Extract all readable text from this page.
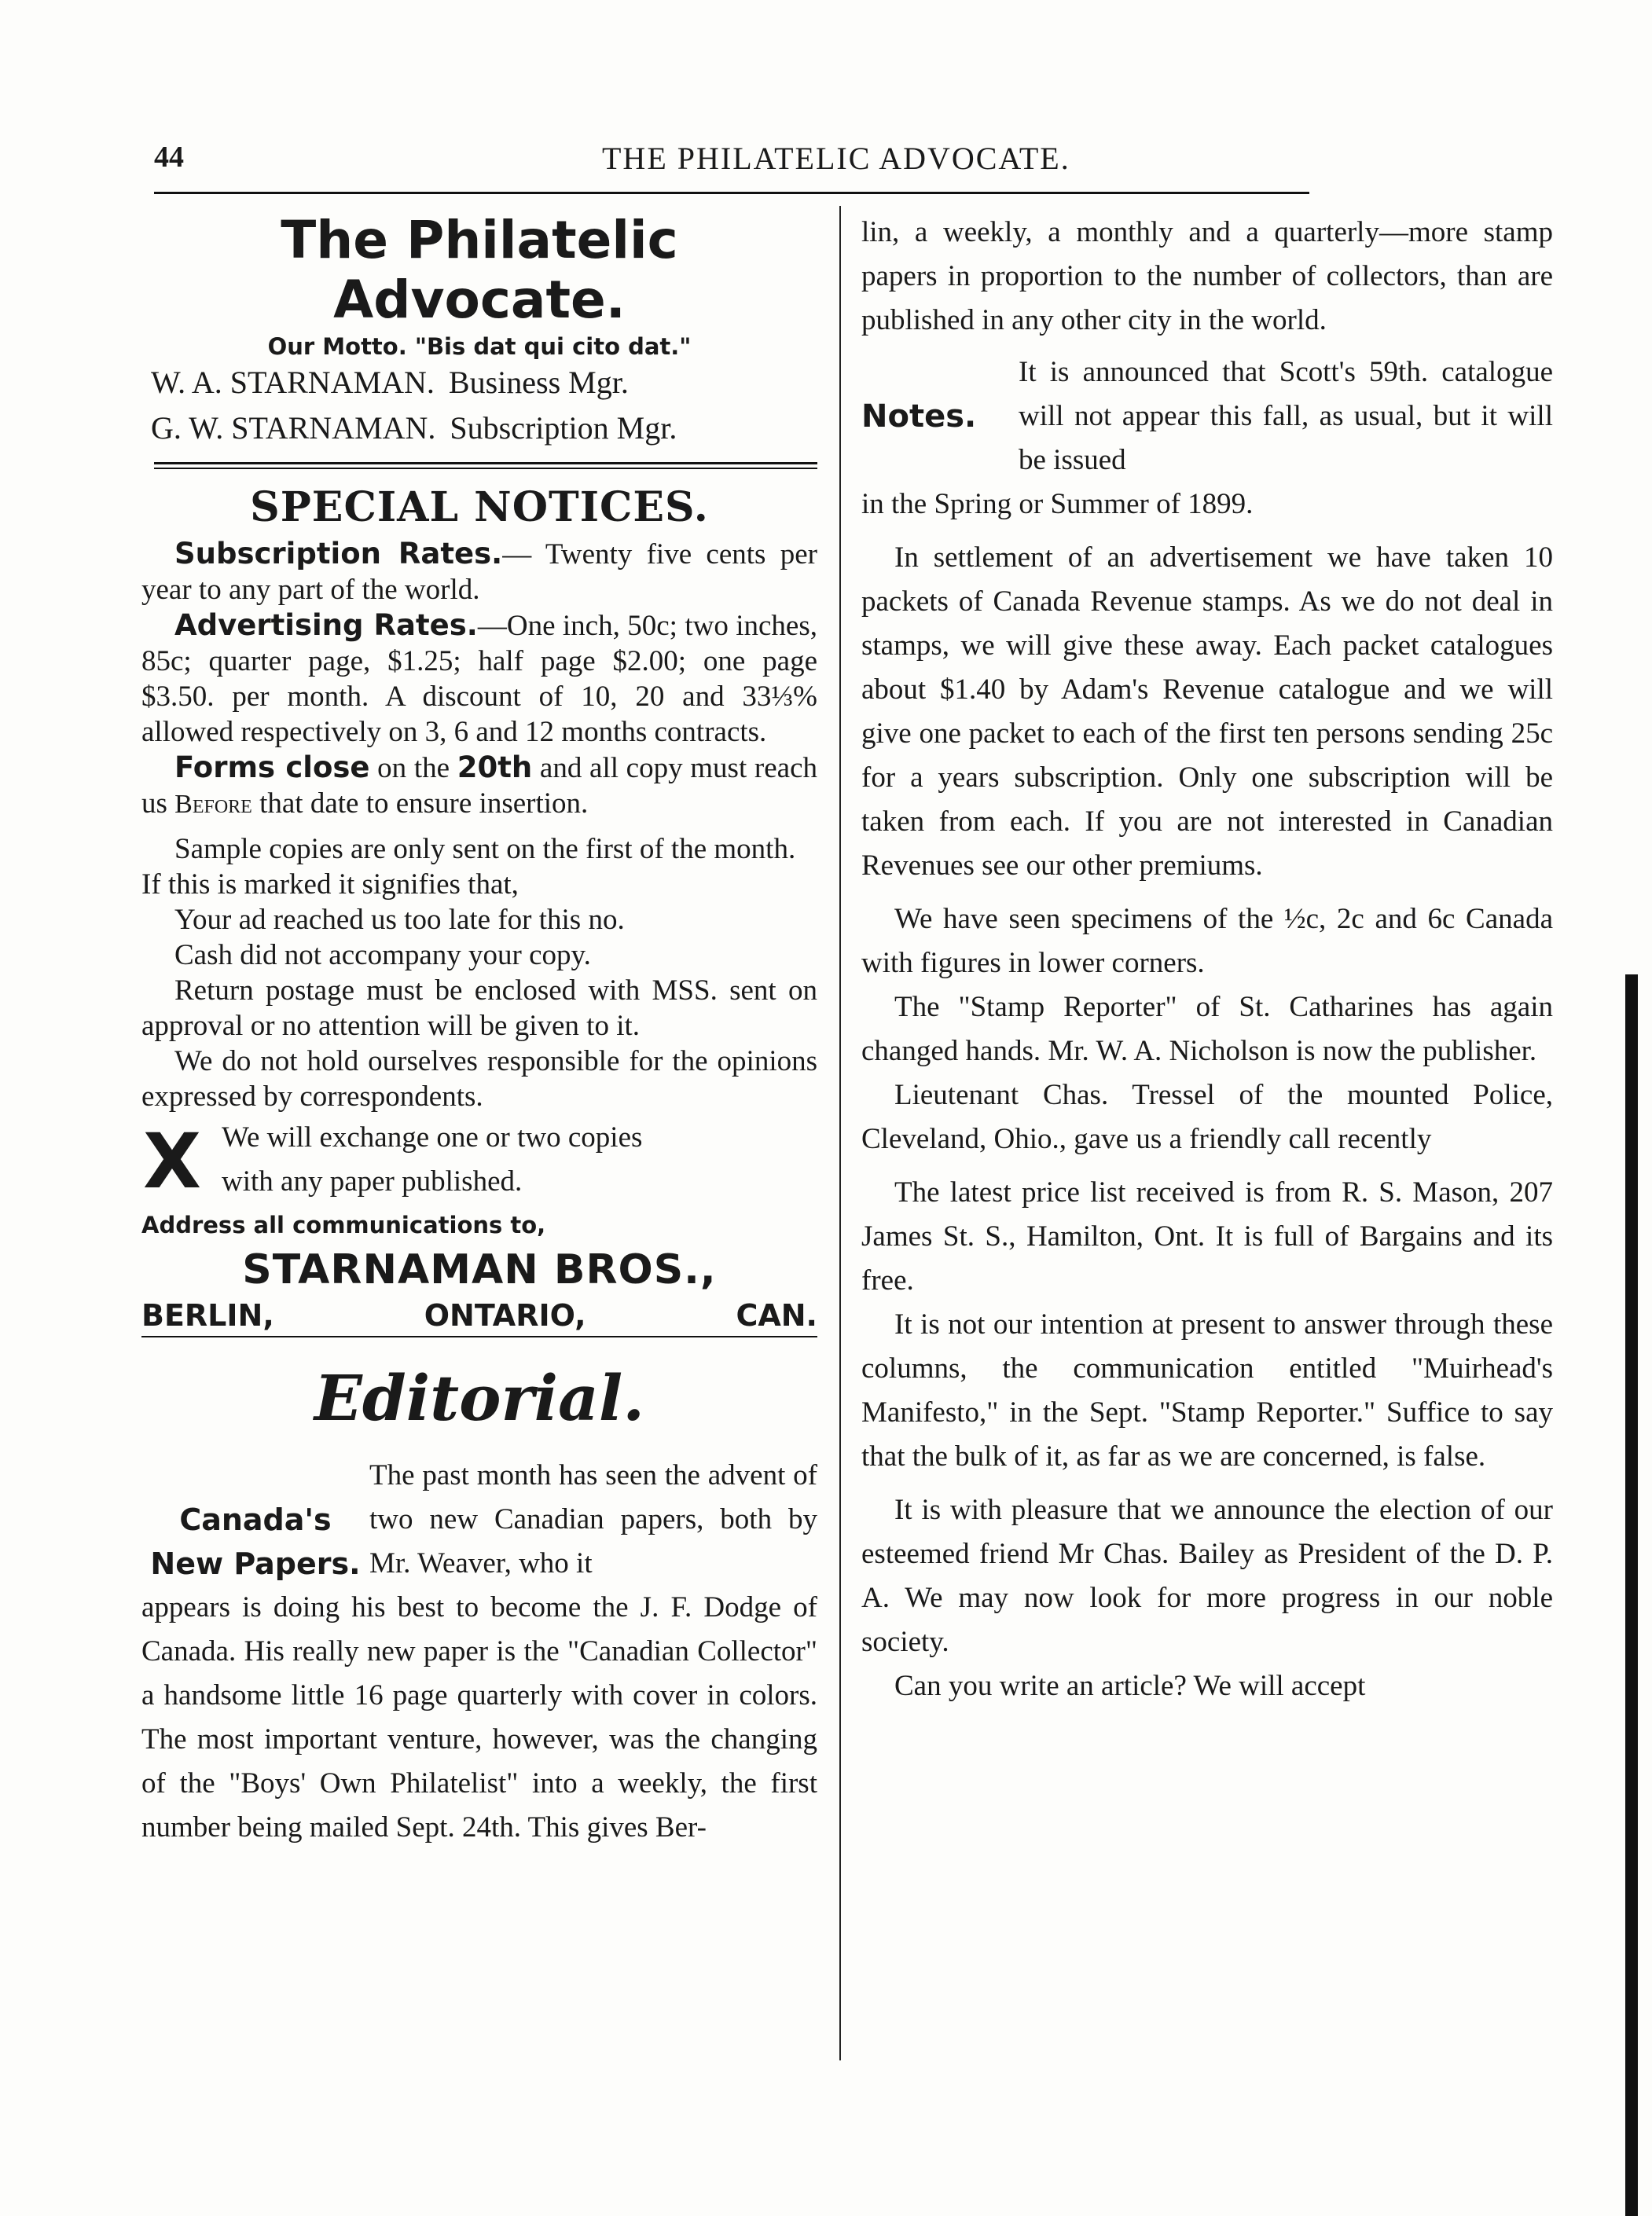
44	THE PHILATELIC ADVOCATE.
The Philatelic Advocate.
Our Motto. "Bis dat qui cito dat."
W. A. STARNAMAN. Business Mgr.
G. W. STARNAMAN. Subscription Mgr.
SPECIAL NOTICES.

Subscription Rates.— Twenty five cents per year to any part of the world.

Advertising Rates.—One inch, 50c; two inches, 85c; quarter page, $1.25; half page $2.00; one page $3.50. per month. A discount of 10, 20 and 33⅓% allowed respectively on 3, 6 and 12 months contracts.

Forms close on the 20th and all copy must reach us Before that date to ensure insertion.

Sample copies are only sent on the first of the month.

If this is marked it signifies that,

Your ad reached us too late for this no.

Cash did not accompany your copy.

Return postage must be enclosed with MSS. sent on approval or no attention will be given to it.

We do not hold ourselves responsible for the opinions expressed by correspondents.

X We will exchange one or two copies
with any paper published.
Address all communications to,
STARNAMAN BROS.,
BERLIN,	ONTARIO,	CAN.
Editorial.
Canada's
New Papers.
The past month has seen the advent of two new Canadian papers, both by Mr. Weaver, who it

appears is doing his best to become the J. F. Dodge of Canada. His really new paper is the "Canadian Collector" a handsome little 16 page quarterly with cover in colors. The most important venture, however, was the changing of the "Boys' Own Philatelist" into a weekly, the first number being mailed Sept. 24th. This gives Ber-

lin, a weekly, a monthly and a quarterly—more stamp papers in proportion to the number of collectors, than are published in any other city in the world.

Notes.
It is announced that Scott's 59th. catalogue will not appear this fall, as usual, but it will be issued

in the Spring or Summer of 1899.

In settlement of an advertisement we have taken 10 packets of Canada Revenue stamps. As we do not deal in stamps, we will give these away. Each packet catalogues about $1.40 by Adam's Revenue catalogue and we will give one packet to each of the first ten persons sending 25c for a years subscription. Only one subscription will be taken from each. If you are not interested in Canadian Revenues see our other premiums.

We have seen specimens of the ½c, 2c and 6c Canada with figures in lower corners.

The "Stamp Reporter" of St. Catharines has again changed hands. Mr. W. A. Nicholson is now the publisher.

Lieutenant Chas. Tressel of the mounted Police, Cleveland, Ohio., gave us a friendly call recently

The latest price list received is from R. S. Mason, 207 James St. S., Hamilton, Ont. It is full of Bargains and its free.

It is not our intention at present to answer through these columns, the communication entitled "Muirhead's Manifesto," in the Sept. "Stamp Reporter." Suffice to say that the bulk of it, as far as we are concerned, is false.

It is with pleasure that we announce the election of our esteemed friend Mr Chas. Bailey as President of the D. P. A. We may now look for more progress in our noble society.

Can you write an article? We will accept
